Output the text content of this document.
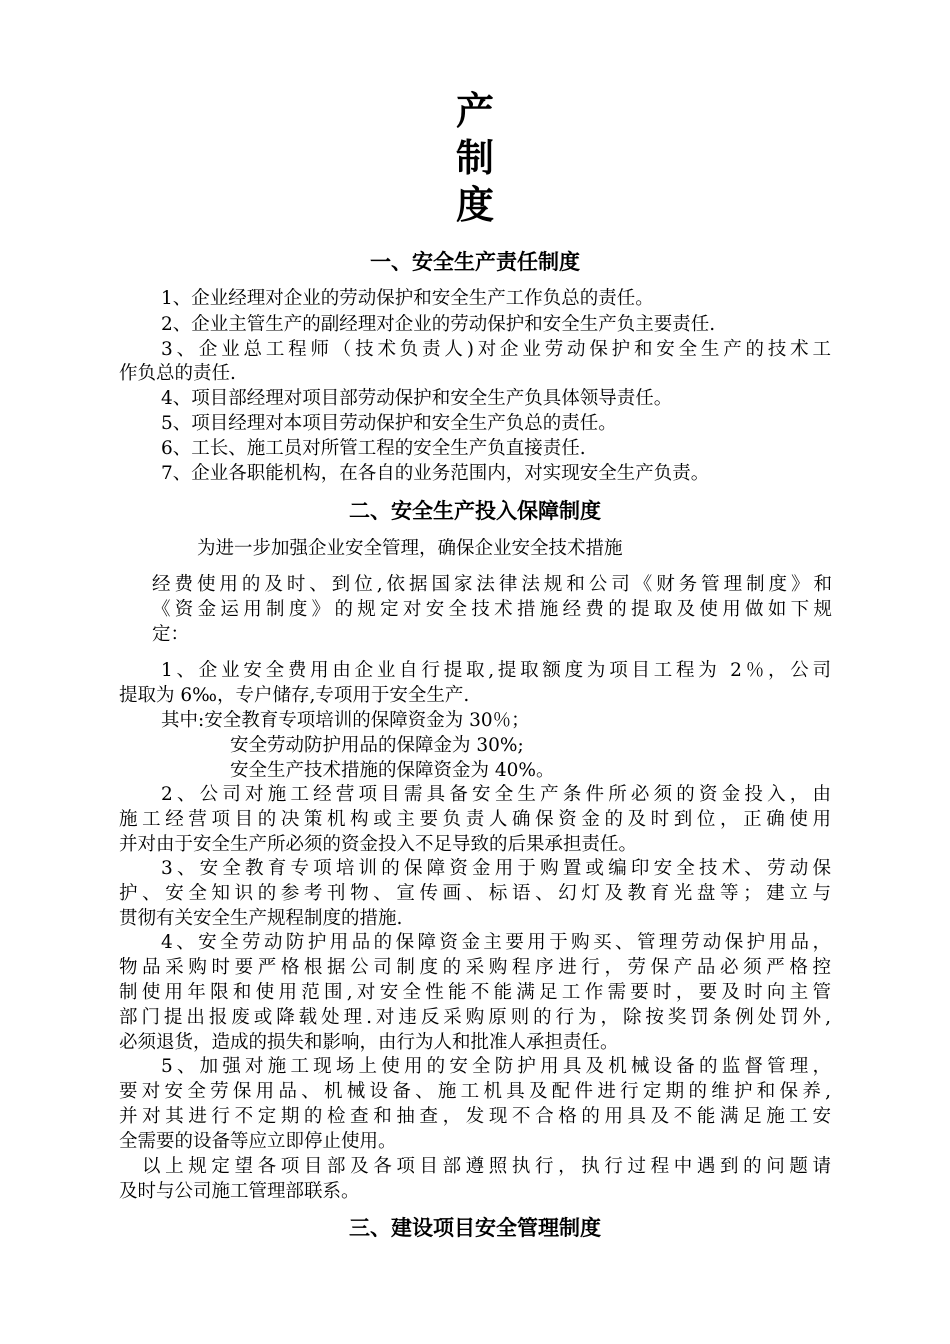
产
制
度
一、安全生产责任制度
1、企业经理对企业的劳动保护和安全生产工作负总的责任。
2、企业主管生产的副经理对企业的劳动保护和安全生产负主要责任.
3、企业总工程师（技术负责人)对企业劳动保护和安全生产的技术工
作负总的责任.
4、项目部经理对项目部劳动保护和安全生产负具体领导责任。
5、项目经理对本项目劳动保护和安全生产负总的责任。
6、工长、施工员对所管工程的安全生产负直接责任.
7、企业各职能机构，在各自的业务范围内，对实现安全生产负责。
二、安全生产投入保障制度
为进一步加强企业安全管理，确保企业安全技术措施
经费使用的及时、到位,依据国家法律法规和公司《财务管理制度》和
《资金运用制度》的规定对安全技术措施经费的提取及使用做如下规
定：
1、企业安全费用由企业自行提取,提取额度为项目工程为 2％，公司
提取为 6‰，专户储存,专项用于安全生产.
其中:安全教育专项培训的保障资金为 30％；
安全劳动防护用品的保障金为 30%;
安全生产技术措施的保障资金为 40%。
2、公司对施工经营项目需具备安全生产条件所必须的资金投入，由
施工经营项目的决策机构或主要负责人确保资金的及时到位，正确使用
并对由于安全生产所必须的资金投入不足导致的后果承担责任。
3、安全教育专项培训的保障资金用于购置或编印安全技术、劳动保
护、安全知识的参考刊物、宣传画、标语、幻灯及教育光盘等；建立与
贯彻有关安全生产规程制度的措施.
4、安全劳动防护用品的保障资金主要用于购买、管理劳动保护用品，
物品采购时要严格根据公司制度的采购程序进行，劳保产品必须严格控
制使用年限和使用范围,对安全性能不能满足工作需要时，要及时向主管
部门提出报废或降载处理.对违反采购原则的行为，除按奖罚条例处罚外,
必须退货，造成的损失和影响，由行为人和批准人承担责任。
5、加强对施工现场上使用的安全防护用具及机械设备的监督管理，
要对安全劳保用品、机械设备、施工机具及配件进行定期的维护和保养,
并对其进行不定期的检查和抽查，发现不合格的用具及不能满足施工安
全需要的设备等应立即停止使用。
以上规定望各项目部及各项目部遵照执行，执行过程中遇到的问题请
及时与公司施工管理部联系。
三、建设项目安全管理制度
